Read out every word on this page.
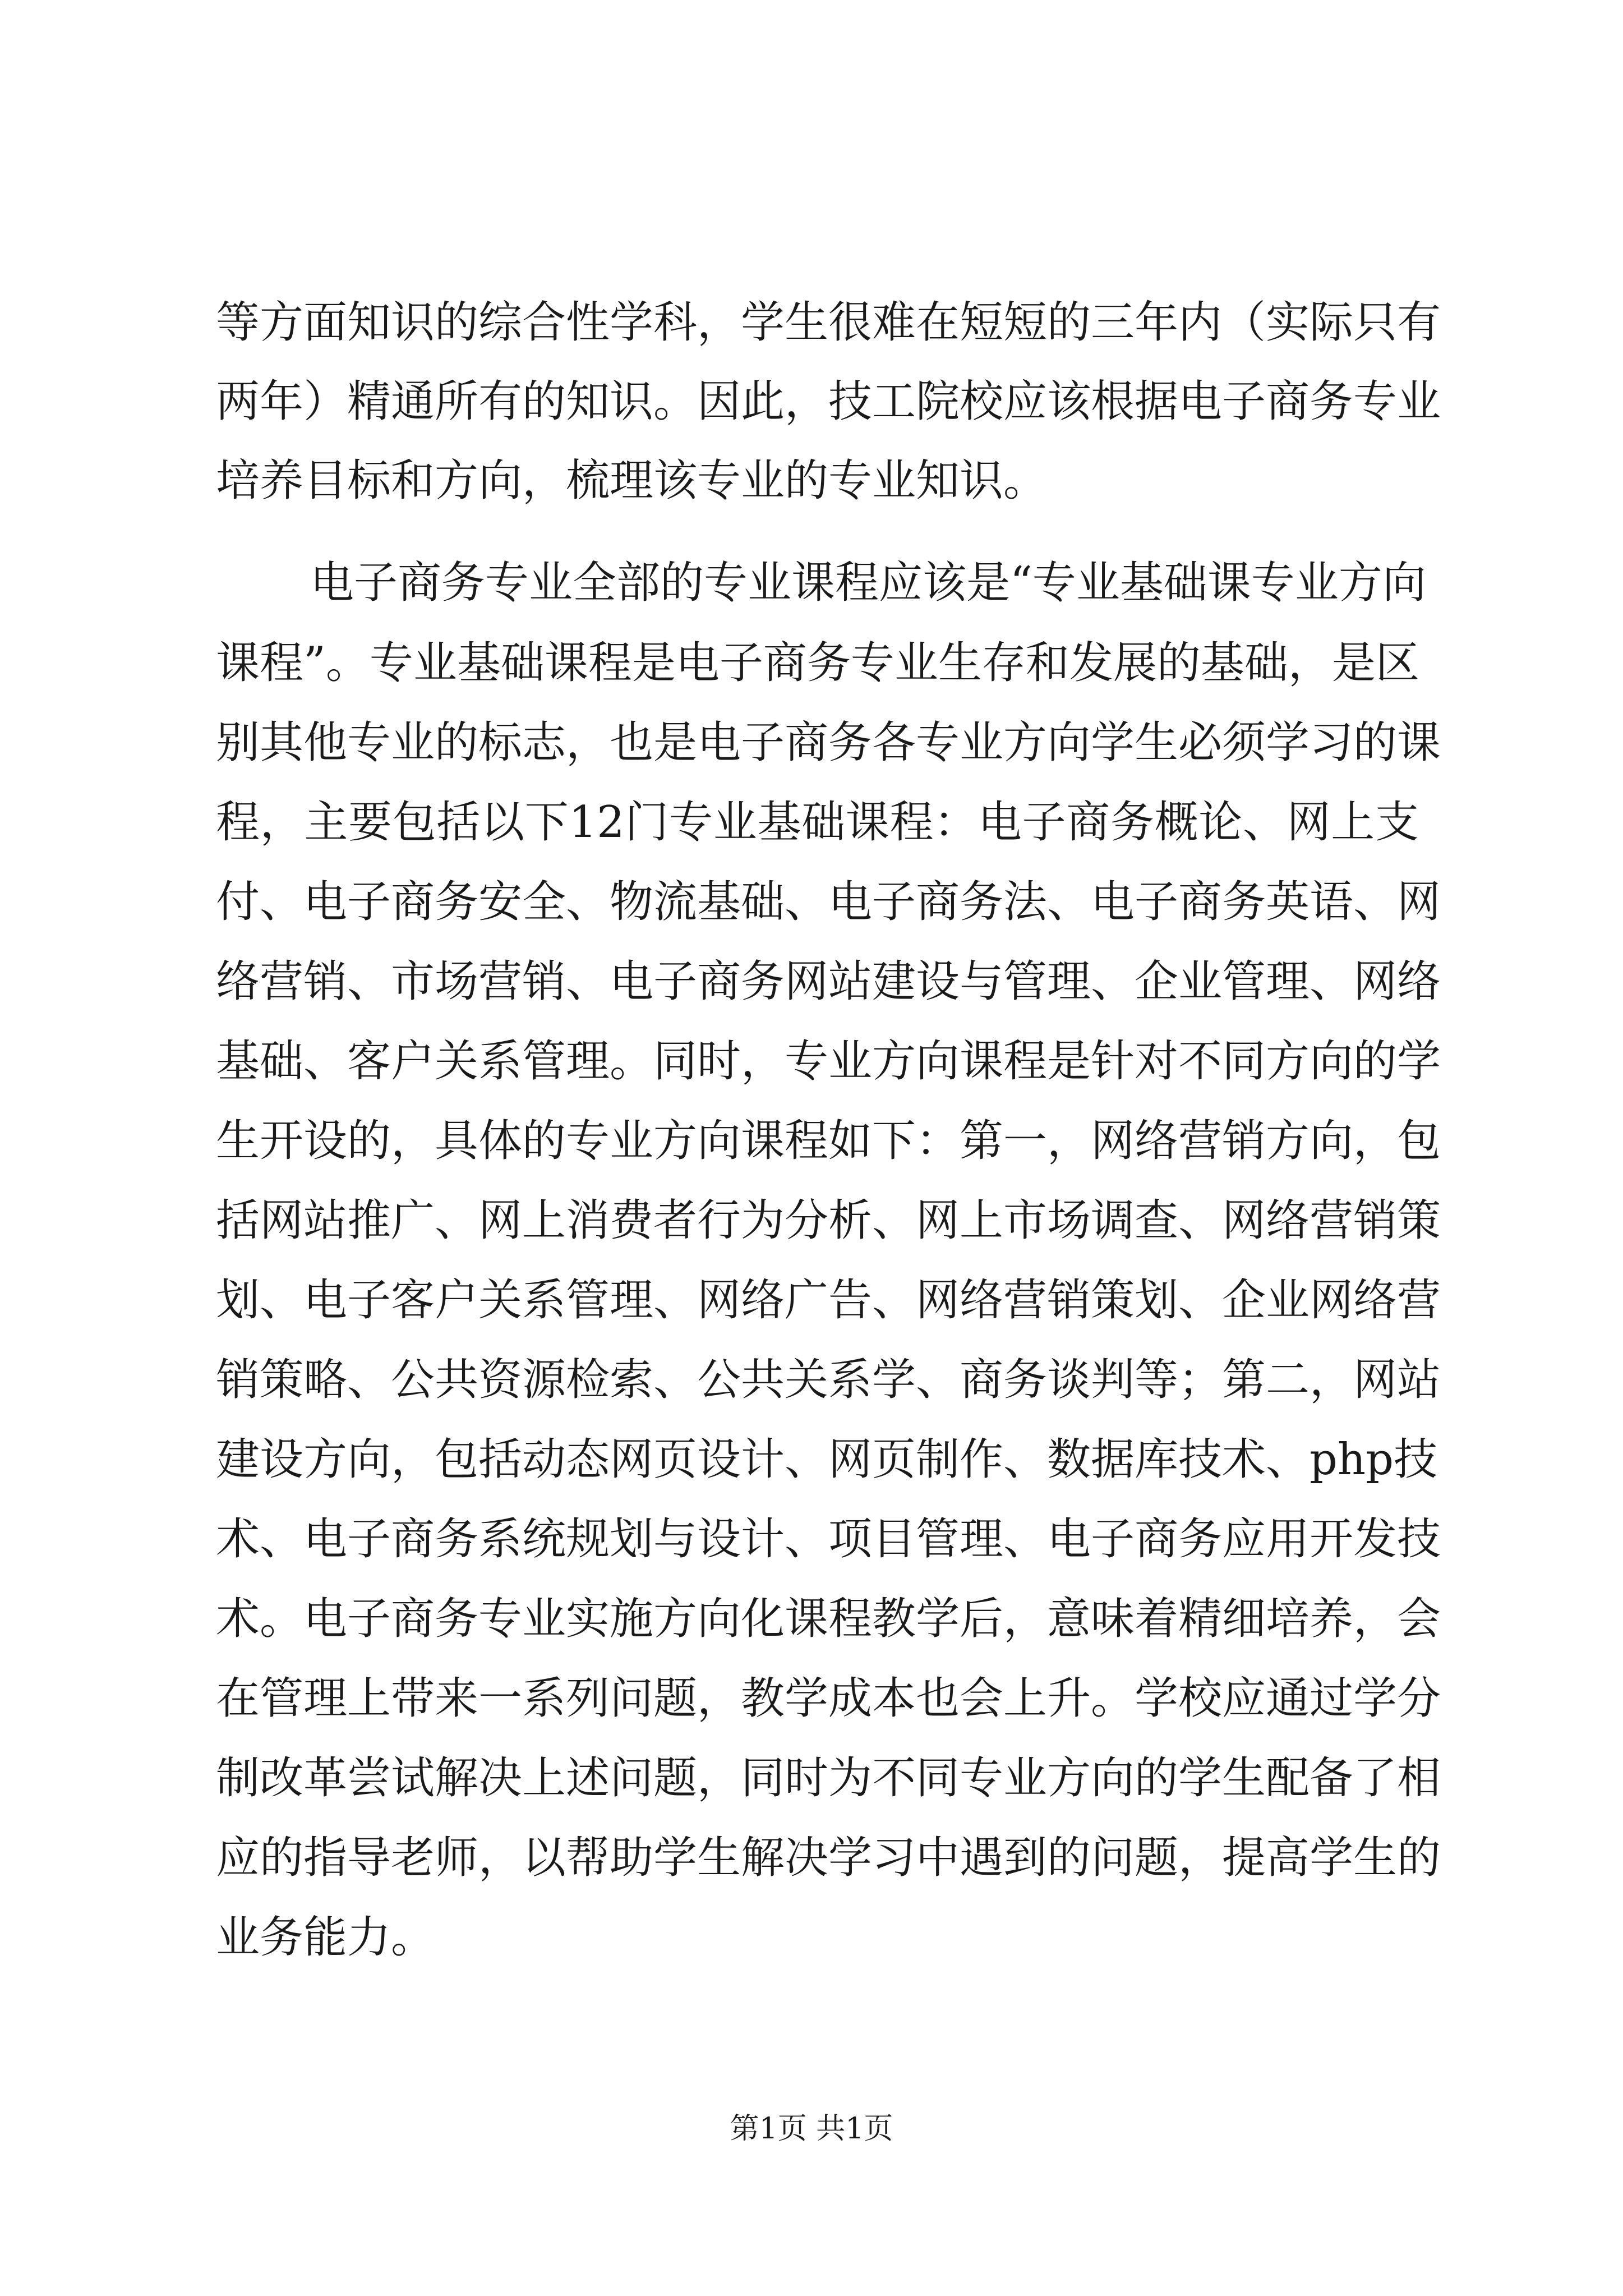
等方面知识的综合性学科，学生很难在短短的三年内（实际只有
两年）精通所有的知识。因此，技工院校应该根据电子商务专业
培养目标和方向，梳理该专业的专业知识。
电子商务专业全部的专业课程应该是“专业基础课专业方向
课程”。专业基础课程是电子商务专业生存和发展的基础，是区
别其他专业的标志，也是电子商务各专业方向学生必须学习的课
程，主要包括以下12门专业基础课程：电子商务概论、网上支
付、电子商务安全、物流基础、电子商务法、电子商务英语、网
络营销、市场营销、电子商务网站建设与管理、企业管理、网络
基础、客户关系管理。同时，专业方向课程是针对不同方向的学
生开设的，具体的专业方向课程如下：第一，网络营销方向，包
括网站推广、网上消费者行为分析、网上市场调查、网络营销策
划、电子客户关系管理、网络广告、网络营销策划、企业网络营
销策略、公共资源检索、公共关系学、商务谈判等；第二，网站
建设方向，包括动态网页设计、网页制作、数据库技术、php技
术、电子商务系统规划与设计、项目管理、电子商务应用开发技
术。电子商务专业实施方向化课程教学后，意味着精细培养，会
在管理上带来一系列问题，教学成本也会上升。学校应通过学分
制改革尝试解决上述问题，同时为不同专业方向的学生配备了相
应的指导老师，以帮助学生解决学习中遇到的问题，提高学生的
业务能力。
第1页 共1页
